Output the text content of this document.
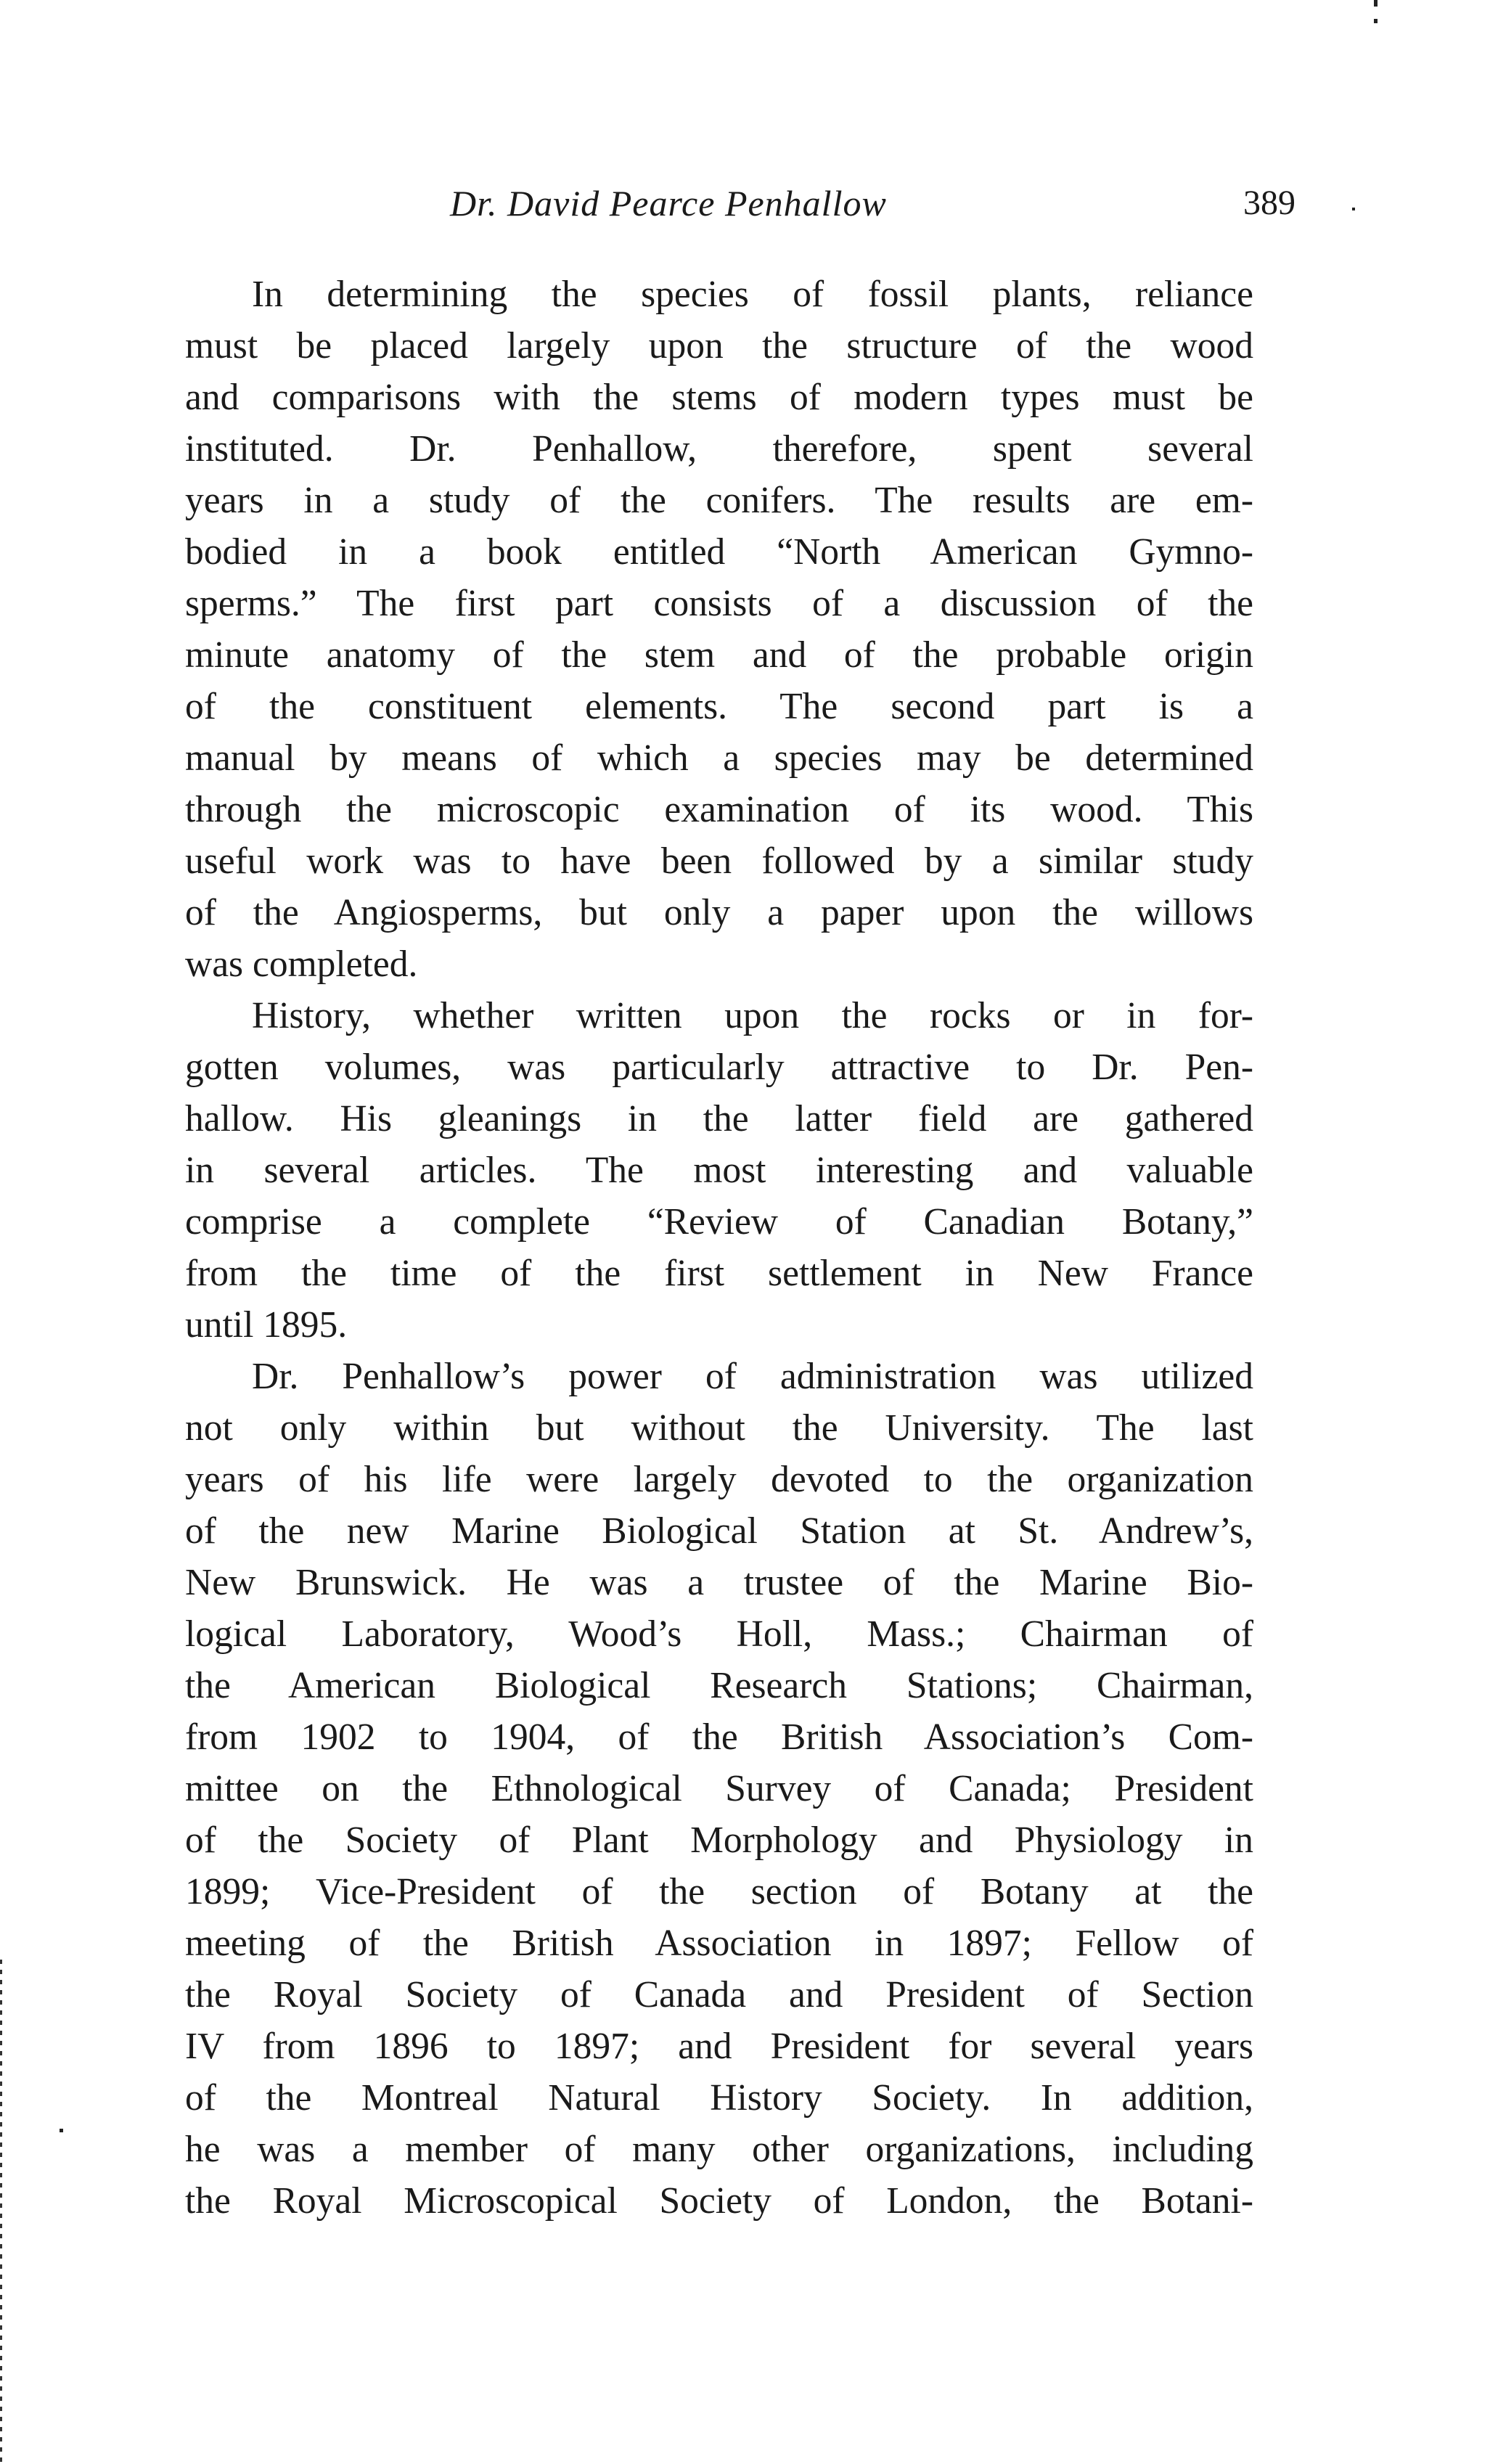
Dr. David Pearce Penhallow	389
In determining the species of fossil plants, reliance
must be placed largely upon the structure of the wood
and comparisons with the stems of modern types must be
instituted. Dr. Penhallow, therefore, spent several
years in a study of the conifers. The results are em-
bodied in a book entitled “North American Gymno-
sperms.” The first part consists of a discussion of the
minute anatomy of the stem and of the probable origin
of the constituent elements. The second part is a
manual by means of which a species may be determined
through the microscopic examination of its wood. This
useful work was to have been followed by a similar study
of the Angiosperms, but only a paper upon the willows
was completed.
History, whether written upon the rocks or in for-
gotten volumes, was particularly attractive to Dr. Pen-
hallow. His gleanings in the latter field are gathered
in several articles. The most interesting and valuable
comprise a complete “Review of Canadian Botany,”
from the time of the first settlement in New France
until 1895.
Dr. Penhallow’s power of administration was utilized
not only within but without the University. The last
years of his life were largely devoted to the organization
of the new Marine Biological Station at St. Andrew’s,
New Brunswick. He was a trustee of the Marine Bio-
logical Laboratory, Wood’s Holl, Mass.; Chairman of
the American Biological Research Stations; Chairman,
from 1902 to 1904, of the British Association’s Com-
mittee on the Ethnological Survey of Canada; President
of the Society of Plant Morphology and Physiology in
1899; Vice-President of the section of Botany at the
meeting of the British Association in 1897; Fellow of
the Royal Society of Canada and President of Section
IV from 1896 to 1897; and President for several years
of the Montreal Natural History Society. In addition,
he was a member of many other organizations, including
the Royal Microscopical Society of London, the Botani-
